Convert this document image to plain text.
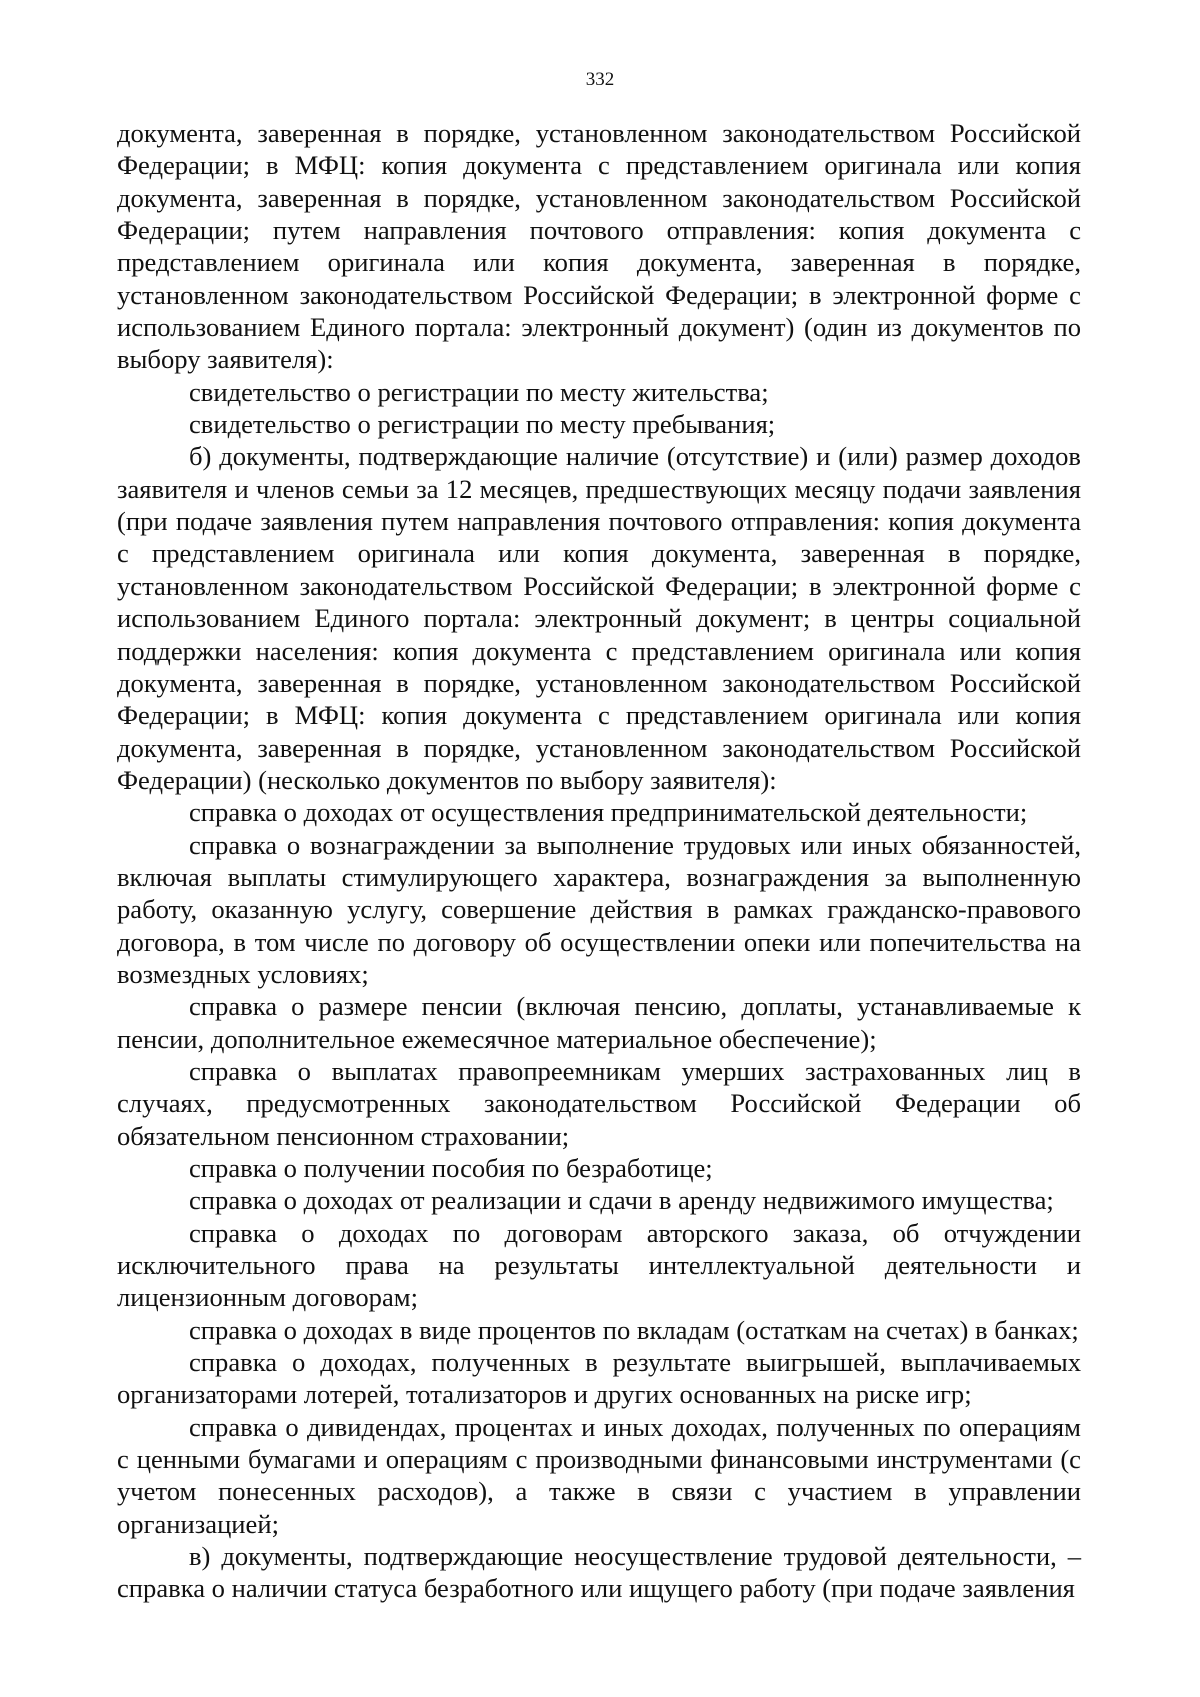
332

документа, заверенная в порядке, установленном законодательством Российской Федерации; в МФЦ: копия документа с представлением оригинала или копия документа, заверенная в порядке, установленном законодательством Российской Федерации; путем направления почтового отправления: копия документа с представлением оригинала или копия документа, заверенная в порядке, установленном законодательством Российской Федерации; в электронной форме с использованием Единого портала: электронный документ) (один из документов по выбору заявителя):

свидетельство о регистрации по месту жительства;

свидетельство о регистрации по месту пребывания;

б) документы, подтверждающие наличие (отсутствие) и (или) размер доходов заявителя и членов семьи за 12 месяцев, предшествующих месяцу подачи заявления (при подаче заявления путем направления почтового отправления: копия документа с представлением оригинала или копия документа, заверенная в порядке, установленном законодательством Российской Федерации; в электронной форме с использованием Единого портала: электронный документ; в центры социальной поддержки населения: копия документа с представлением оригинала или копия документа, заверенная в порядке, установленном законодательством Российской Федерации; в МФЦ: копия документа с представлением оригинала или копия документа, заверенная в порядке, установленном законодательством Российской Федерации) (несколько документов по выбору заявителя):

справка о доходах от осуществления предпринимательской деятельности;

справка о вознаграждении за выполнение трудовых или иных обязанностей, включая выплаты стимулирующего характера, вознаграждения за выполненную работу, оказанную услугу, совершение действия в рамках гражданско-правового договора, в том числе по договору об осуществлении опеки или попечительства на возмездных условиях;

справка о размере пенсии (включая пенсию, доплаты, устанавливаемые к пенсии, дополнительное ежемесячное материальное обеспечение);

справка о выплатах правопреемникам умерших застрахованных лиц в случаях, предусмотренных законодательством Российской Федерации об обязательном пенсионном страховании;

справка о получении пособия по безработице;

справка о доходах от реализации и сдачи в аренду недвижимого имущества;

справка о доходах по договорам авторского заказа, об отчуждении исключительного права на результаты интеллектуальной деятельности и лицензионным договорам;

справка о доходах в виде процентов по вкладам (остаткам на счетах) в банках;

справка о доходах, полученных в результате выигрышей, выплачиваемых организаторами лотерей, тотализаторов и других основанных на риске игр;

справка о дивидендах, процентах и иных доходах, полученных по операциям с ценными бумагами и операциям с производными финансовыми инструментами (с учетом понесенных расходов), а также в связи с участием в управлении организацией;

в) документы, подтверждающие неосуществление трудовой деятельности, – справка о наличии статуса безработного или ищущего работу (при подаче заявления
